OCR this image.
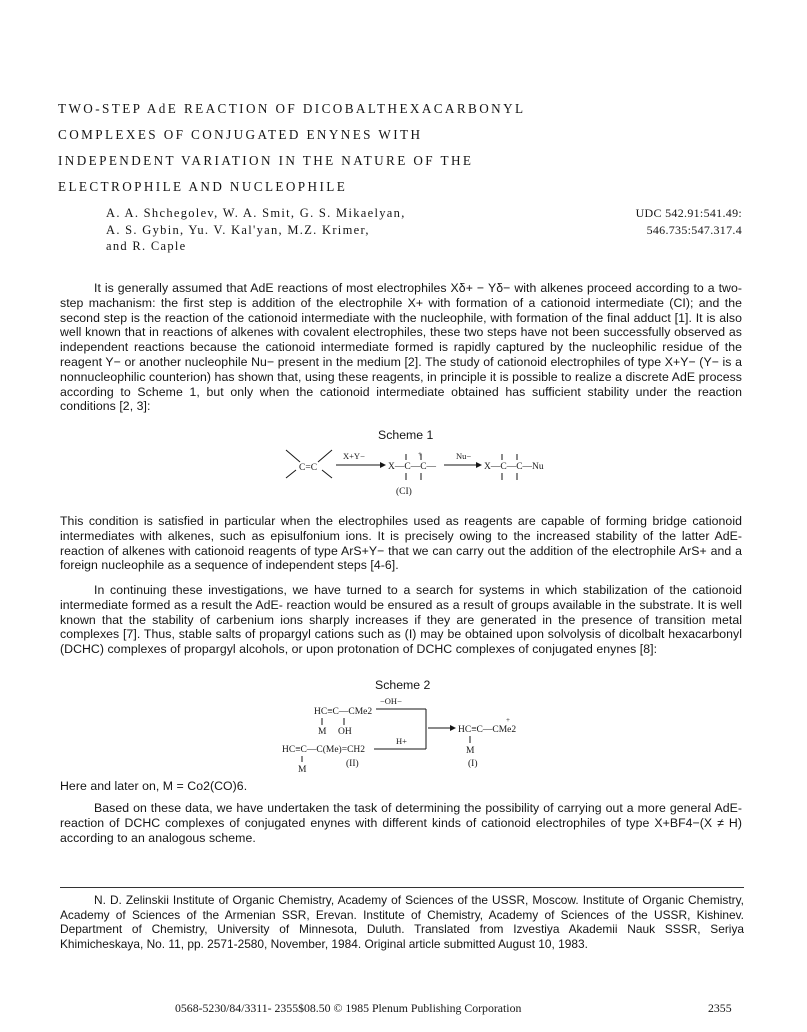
TWO-STEP AdE REACTION OF DICOBALTHEXACARBONYL
COMPLEXES OF CONJUGATED ENYNES WITH
INDEPENDENT VARIATION IN THE NATURE OF THE
ELECTROPHILE AND NUCLEOPHILE
A. A. Shchegolev, W. A. Smit, G. S. Mikaelyan,
A. S. Gybin, Yu. V. Kal'yan, M.Z. Krimer,
and R. Caple
UDC 542.91:541.49:
546.735:547.317.4
It is generally assumed that AdE reactions of most electrophiles Xδ+ − Yδ− with alkenes proceed according to a two-step machanism: the first step is addition of the electrophile X+ with formation of a cationoid intermediate (CI); and the second step is the reaction of the cationoid intermediate with the nucleophile, with formation of the final adduct [1]. It is also well known that in reactions of alkenes with covalent electrophiles, these two steps have not been successfully observed as independent reactions because the cationoid intermediate formed is rapidly captured by the nucleophilic residue of the reagent Y− or another nucleophile Nu− present in the medium [2]. The study of cationoid electrophiles of type X+Y− (Y− is a nonnucleophilic counterion) has shown that, using these reagents, in principle it is possible to realize a discrete AdE process according to Scheme 1, but only when the cationoid intermediate obtained has sufficient stability under the reaction conditions [2, 3]:
Scheme 1
C=C
X+Y−
X—C—C—
+
(CI)
Nu−
X—C—C—Nu
This condition is satisfied in particular when the electrophiles used as reagents are capable of forming bridge cationoid intermediates with alkenes, such as episulfonium ions. It is precisely owing to the increased stability of the latter AdE- reaction of alkenes with cationoid reagents of type ArS+Y− that we can carry out the addition of the electrophile ArS+ and a foreign nucleophile as a sequence of independent steps [4-6].
In continuing these investigations, we have turned to a search for systems in which stabilization of the cationoid intermediate formed as a result the AdE- reaction would be ensured as a result of groups available in the substrate. It is well known that the stability of carbenium ions sharply increases if they are generated in the presence of transition metal complexes [7]. Thus, stable salts of propargyl cations such as (I) may be obtained upon solvolysis of dicolbalt hexacarbonyl (DCHC) complexes of propargyl alcohols, or upon protonation of DCHC complexes of conjugated enynes [8]:
Scheme 2
HC≡C—CMe2
−OH−
M OH
HC≡C—C(Me)=CH2
H+
M
(II)
HC≡C—CMe2
+
M
(I)
Here and later on, M = Co2(CO)6.
Based on these data, we have undertaken the task of determining the possibility of carrying out a more general AdE- reaction of DCHC complexes of conjugated enynes with different kinds of cationoid electrophiles of type X+BF4−(X ≠ H) according to an analogous scheme.
N. D. Zelinskii Institute of Organic Chemistry, Academy of Sciences of the USSR, Moscow. Institute of Organic Chemistry, Academy of Sciences of the Armenian SSR, Erevan. Institute of Chemistry, Academy of Sciences of the USSR, Kishinev. Department of Chemistry, University of Minnesota, Duluth. Translated from Izvestiya Akademii Nauk SSSR, Seriya Khimicheskaya, No. 11, pp. 2571-2580, November, 1984. Original article submitted August 10, 1983.
0568-5230/84/3311- 2355$08.50 © 1985 Plenum Publishing Corporation	2355
